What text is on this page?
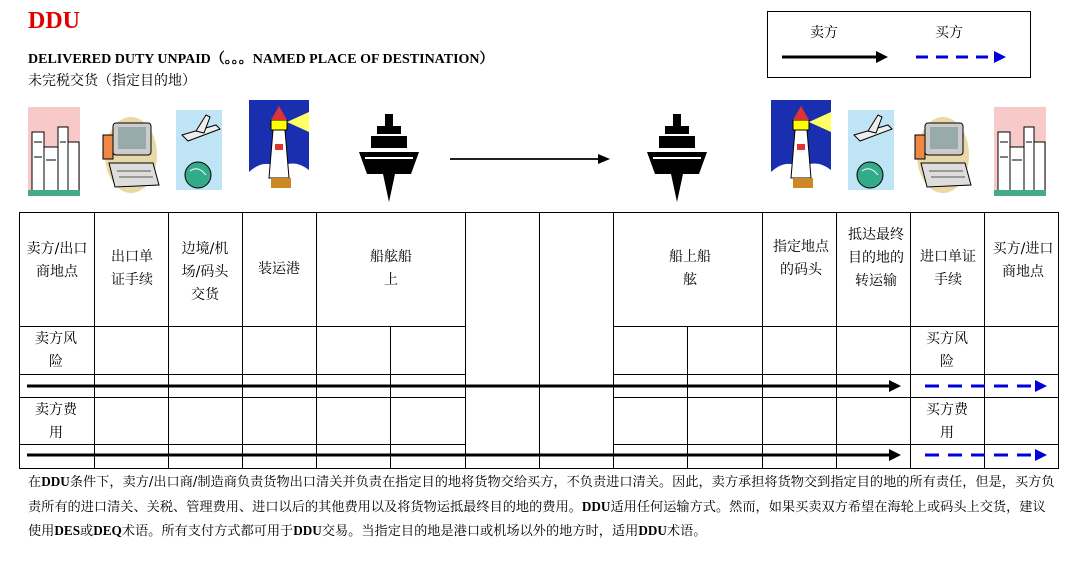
DDU
DELIVERED DUTY UNPAID（。。。NAMED PLACE OF DESTINATION）
未完税交货（指定目的地）
卖方	买方
卖方/出口商地点
出口单证手续
边境/机场/码头交货
装运港
船舷船上
船上船舷
指定地点的码头
抵达最终目的地的转运输
进口单证手续
买方/进口商地点
卖方风险
买方风险
卖方费用
买方费用
在DDU条件下，卖方/出口商/制造商负责货物出口清关并负责在指定目的地将货物交给买方，不负责进口清关。因此，卖方承担将货物交到指定目的地的所有责任，但是，买方负责所有的进口清关、关税、管理费用、进口以后的其他费用以及将货物运抵最终目的地的费用。DDU适用任何运输方式。然而，如果买卖双方希望在海轮上或码头上交货，建议使用DES或DEQ术语。所有支付方式都可用于DDU交易。当指定目的地是港口或机场以外的地方时，适用DDU术语。
